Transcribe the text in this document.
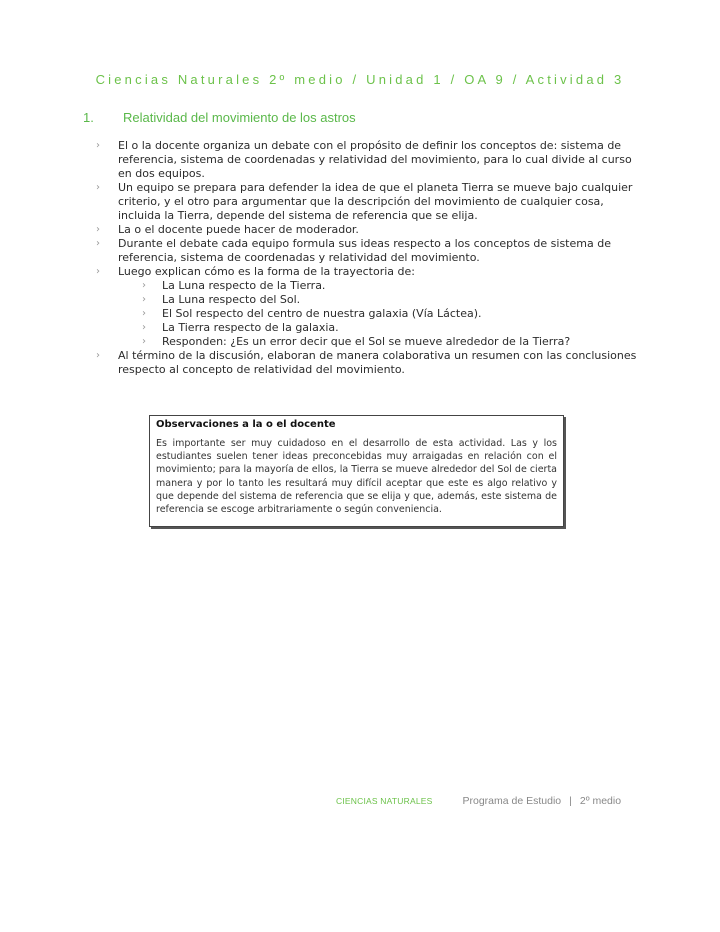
Ciencias Naturales 2º medio / Unidad 1 / OA 9 / Actividad 3
1.	Relatividad del movimiento de los astros
› El o la docente organiza un debate con el propósito de definir los conceptos de: sistema de referencia, sistema de coordenadas y relatividad del movimiento, para lo cual divide al curso en dos equipos.
› Un equipo se prepara para defender la idea de que el planeta Tierra se mueve bajo cualquier criterio, y el otro para argumentar que la descripción del movimiento de cualquier cosa, incluida la Tierra, depende del sistema de referencia que se elija.
› La o el docente puede hacer de moderador.
› Durante el debate cada equipo formula sus ideas respecto a los conceptos de sistema de referencia, sistema de coordenadas y relatividad del movimiento.
› Luego explican cómo es la forma de la trayectoria de:
› La Luna respecto de la Tierra.
› La Luna respecto del Sol.
› El Sol respecto del centro de nuestra galaxia (Vía Láctea).
› La Tierra respecto de la galaxia.
› Responden: ¿Es un error decir que el Sol se mueve alrededor de la Tierra?
› Al término de la discusión, elaboran de manera colaborativa un resumen con las conclusiones respecto al concepto de relatividad del movimiento.
Observaciones a la o el docente
Es importante ser muy cuidadoso en el desarrollo de esta actividad. Las y los estudiantes suelen tener ideas preconcebidas muy arraigadas en relación con el movimiento; para la mayoría de ellos, la Tierra se mueve alrededor del Sol de cierta manera y por lo tanto les resultará muy difícil aceptar que este es algo relativo y que depende del sistema de referencia que se elija y que, además, este sistema de referencia se escoge arbitrariamente o según conveniencia.
CIENCIAS NATURALES	Programa de Estudio | 2º medio
